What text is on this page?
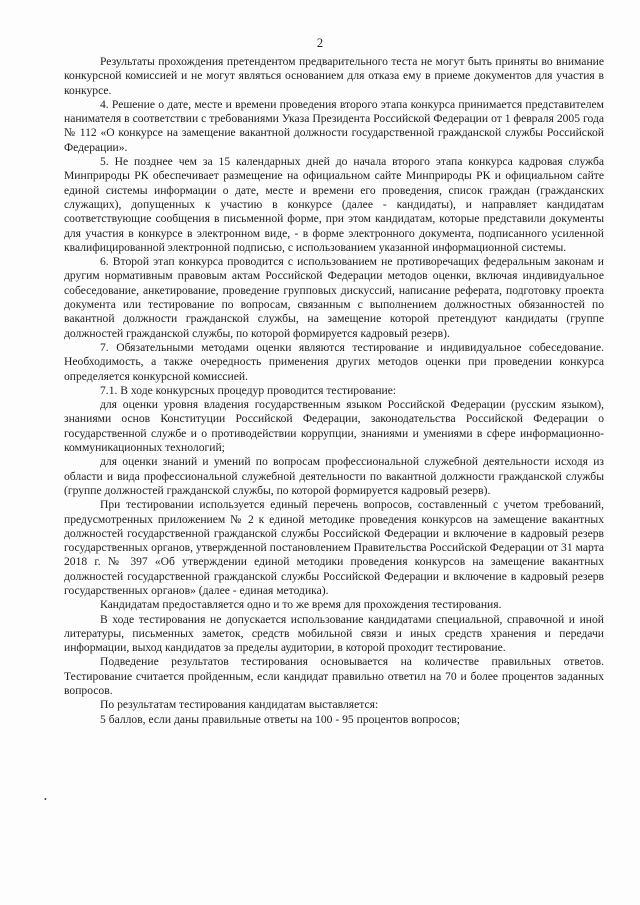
2

Результаты прохождения претендентом предварительного теста не могут быть приняты во внимание конкурсной комиссией и не могут являться основанием для отказа ему в приеме документов для участия в конкурсе.

4. Решение о дате, месте и времени проведения второго этапа конкурса принимается представителем нанимателя в соответствии с требованиями Указа Президента Российской Федерации от 1 февраля 2005 года № 112 «О конкурсе на замещение вакантной должности государственной гражданской службы Российской Федерации».

5. Не позднее чем за 15 календарных дней до начала второго этапа конкурса кадровая служба Минприроды РК обеспечивает размещение на официальном сайте Минприроды РК и официальном сайте единой системы информации о дате, месте и времени его проведения, список граждан (гражданских служащих), допущенных к участию в конкурсе (далее - кандидаты), и направляет кандидатам соответствующие сообщения в письменной форме, при этом кандидатам, которые представили документы для участия в конкурсе в электронном виде, - в форме электронного документа, подписанного усиленной квалифицированной электронной подписью, с использованием указанной информационной системы.

6. Второй этап конкурса проводится с использованием не противоречащих федеральным законам и другим нормативным правовым актам Российской Федерации методов оценки, включая индивидуальное собеседование, анкетирование, проведение групповых дискуссий, написание реферата, подготовку проекта документа или тестирование по вопросам, связанным с выполнением должностных обязанностей по вакантной должности гражданской службы, на замещение которой претендуют кандидаты (группе должностей гражданской службы, по которой формируется кадровый резерв).

7. Обязательными методами оценки являются тестирование и индивидуальное собеседование. Необходимость, а также очередность применения других методов оценки при проведении конкурса определяется конкурсной комиссией.

7.1. В ходе конкурсных процедур проводится тестирование:

для оценки уровня владения государственным языком Российской Федерации (русским языком), знаниями основ Конституции Российской Федерации, законодательства Российской Федерации о государственной службе и о противодействии коррупции, знаниями и умениями в сфере информационно-коммуникационных технологий;

для оценки знаний и умений по вопросам профессиональной служебной деятельности исходя из области и вида профессиональной служебной деятельности по вакантной должности гражданской службы (группе должностей гражданской службы, по которой формируется кадровый резерв).

При тестировании используется единый перечень вопросов, составленный с учетом требований, предусмотренных приложением № 2 к единой методике проведения конкурсов на замещение вакантных должностей государственной гражданской службы Российской Федерации и включение в кадровый резерв государственных органов, утвержденной постановлением Правительства Российской Федерации от 31 марта 2018 г. № 397 «Об утверждении единой методики проведения конкурсов на замещение вакантных должностей государственной гражданской службы Российской Федерации и включение в кадровый резерв государственных органов» (далее - единая методика).

Кандидатам предоставляется одно и то же время для прохождения тестирования.

В ходе тестирования не допускается использование кандидатами специальной, справочной и иной литературы, письменных заметок, средств мобильной связи и иных средств хранения и передачи информации, выход кандидатов за пределы аудитории, в которой проходит тестирование.

Подведение результатов тестирования основывается на количестве правильных ответов. Тестирование считается пройденным, если кандидат правильно ответил на 70 и более процентов заданных вопросов.

По результатам тестирования кандидатам выставляется:

5 баллов, если даны правильные ответы на 100 - 95 процентов вопросов;

•
